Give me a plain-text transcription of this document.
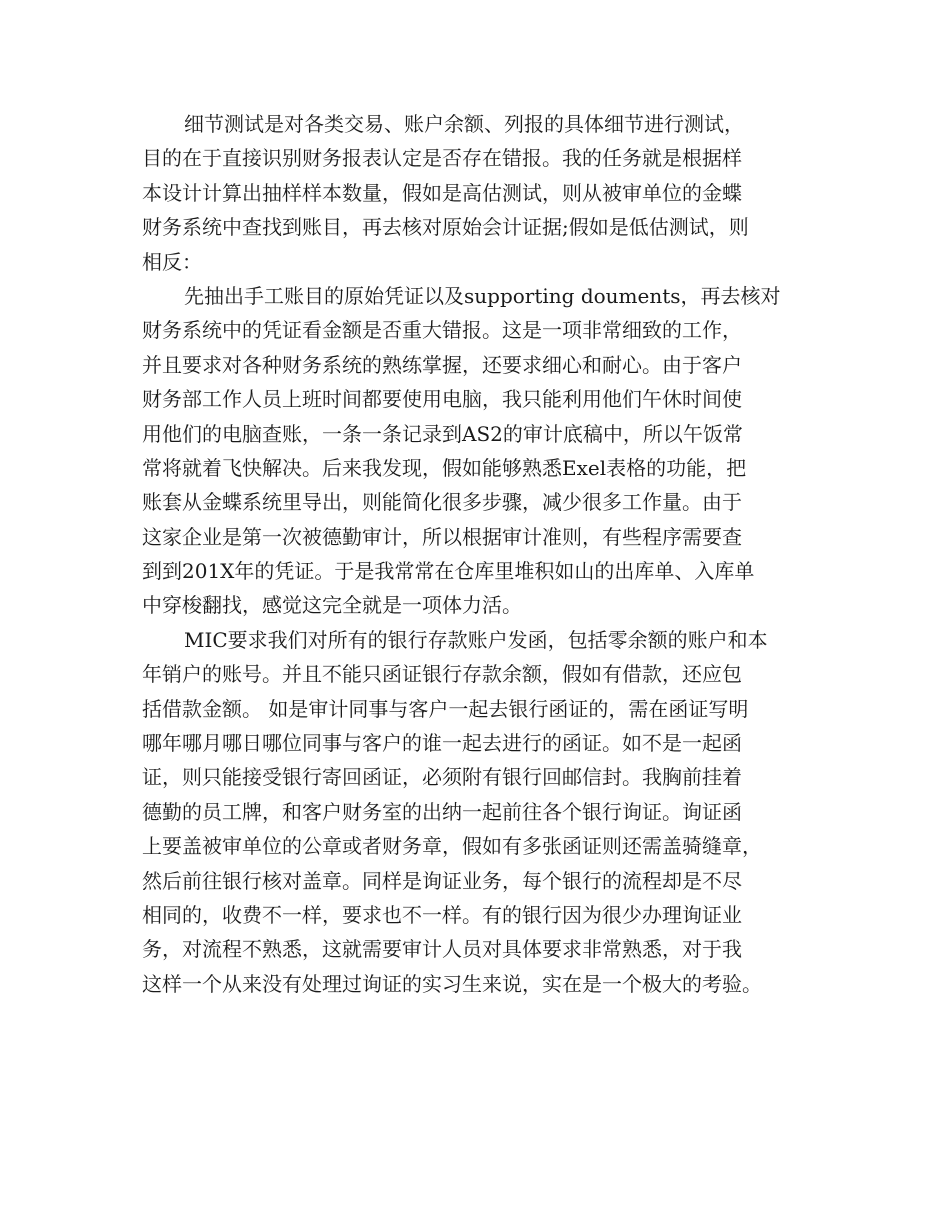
细节测试是对各类交易、账户余额、列报的具体细节进行测试，
目的在于直接识别财务报表认定是否存在错报。我的任务就是根据样
本设计计算出抽样样本数量，假如是高估测试，则从被审单位的金蝶
财务系统中查找到账目，再去核对原始会计证据;假如是低估测试，则
相反：
先抽出手工账目的原始凭证以及supporting douments，再去核对
财务系统中的凭证看金额是否重大错报。这是一项非常细致的工作，
并且要求对各种财务系统的熟练掌握，还要求细心和耐心。由于客户
财务部工作人员上班时间都要使用电脑，我只能利用他们午休时间使
用他们的电脑查账，一条一条记录到AS2的审计底稿中，所以午饭常
常将就着飞快解决。后来我发现，假如能够熟悉Exel表格的功能，把
账套从金蝶系统里导出，则能简化很多步骤，减少很多工作量。由于
这家企业是第一次被德勤审计，所以根据审计准则，有些程序需要查
到到201X年的凭证。于是我常常在仓库里堆积如山的出库单、入库单
中穿梭翻找，感觉这完全就是一项体力活。
MIC要求我们对所有的银行存款账户发函，包括零余额的账户和本
年销户的账号。并且不能只函证银行存款余额，假如有借款，还应包
括借款金额。 如是审计同事与客户一起去银行函证的，需在函证写明
哪年哪月哪日哪位同事与客户的谁一起去进行的函证。如不是一起函
证，则只能接受银行寄回函证，必须附有银行回邮信封。我胸前挂着
德勤的员工牌，和客户财务室的出纳一起前往各个银行询证。询证函
上要盖被审单位的公章或者财务章，假如有多张函证则还需盖骑缝章，
然后前往银行核对盖章。同样是询证业务，每个银行的流程却是不尽
相同的，收费不一样，要求也不一样。有的银行因为很少办理询证业
务，对流程不熟悉，这就需要审计人员对具体要求非常熟悉，对于我
这样一个从来没有处理过询证的实习生来说，实在是一个极大的考验。
